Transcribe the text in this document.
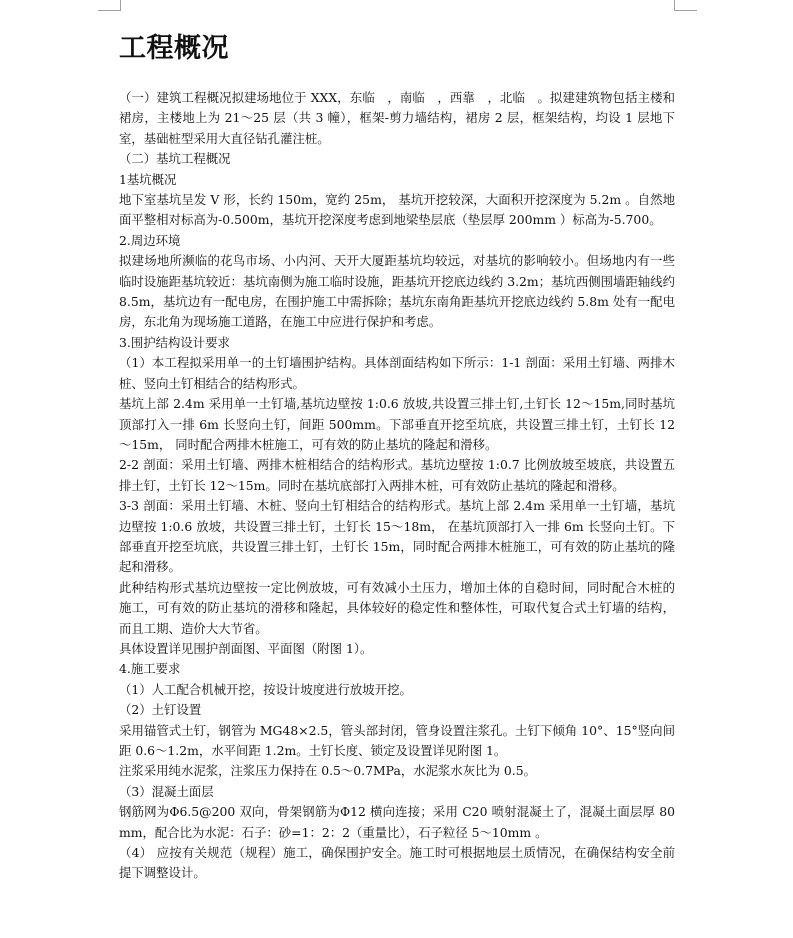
工程概况

（一）建筑工程概况拟建场地位于 XXX，东临　，南临　，西靠　，北临　。拟建建筑物包括主楼和裙房，主楼地上为 21～25 层（共 3 幢），框架-剪力墙结构，裙房 2 层，框架结构，均设 1 层地下室，基础桩型采用大直径钻孔灌注桩。

（二）基坑工程概况

1基坑概况

地下室基坑呈发 V 形，长约 150m，宽约 25m， 基坑开挖较深，大面积开挖深度为 5.2m 。自然地面平整相对标高为-0.500m，基坑开挖深度考虑到地梁垫层底（垫层厚 200mm ）标高为-5.700。

2.周边环境

拟建场地所濒临的花鸟市场、小内河、天开大厦距基坑均较远，对基坑的影响较小。但场地内有一些临时设施距基坑较近：基坑南侧为施工临时设施，距基坑开挖底边线约 3.2m；基坑西侧围墙距轴线约 8.5m，基坑边有一配电房，在围护施工中需拆除；基坑东南角距基坑开挖底边线约 5.8m 处有一配电房，东北角为现场施工道路，在施工中应进行保护和考虑。

3.围护结构设计要求

（1）本工程拟采用单一的土钉墙围护结构。具体剖面结构如下所示：1-1 剖面：采用土钉墙、两排木桩、竖向土钉相结合的结构形式。

基坑上部 2.4m 采用单一土钉墙,基坑边壁按 1:0.6 放坡,共设置三排土钉,土钉长 12～15m,同时基坑顶部打入一排 6m 长竖向土钉，间距 500mm。下部垂直开挖至坑底，共设置三排土钉，土钉长 12～15m， 同时配合两排木桩施工，可有效的防止基坑的隆起和滑移。

2-2 剖面：采用土钉墙、两排木桩相结合的结构形式。基坑边壁按 1:0.7 比例放坡至坡底，共设置五排土钉，土钉长 12～15m。同时在基坑底部打入两排木桩，可有效防止基坑的隆起和滑移。

3-3 剖面：采用土钉墙、木桩、竖向土钉相结合的结构形式。基坑上部 2.4m 采用单一土钉墙，基坑边壁按 1:0.6 放坡，共设置三排土钉，土钉长 15～18m， 在基坑顶部打入一排 6m 长竖向土钉。下部垂直开挖至坑底，共设置三排土钉，土钉长 15m，同时配合两排木桩施工，可有效的防止基坑的隆起和滑移。

此种结构形式基坑边壁按一定比例放坡，可有效减小土压力，增加土体的自稳时间，同时配合木桩的施工，可有效的防止基坑的滑移和隆起，具体较好的稳定性和整体性，可取代复合式土钉墙的结构，而且工期、造价大大节省。

具体设置详见围护剖面图、平面图（附图 1）。

4.施工要求

（1）人工配合机械开挖，按设计坡度进行放坡开挖。

（2）土钉设置

采用锚管式土钉，钢管为 MG48×2.5，管头部封闭，管身设置注浆孔。土钉下倾角 10°、15°竖向间距 0.6～1.2m，水平间距 1.2m。土钉长度、锁定及设置详见附图 1。

注浆采用纯水泥浆，注浆压力保持在 0.5～0.7MPa，水泥浆水灰比为 0.5。

（3）混凝土面层

钢筋网为Φ6.5@200 双向，骨架钢筋为Φ12 横向连接；采用 C20 喷射混凝土了，混凝土面层厚 80mm，配合比为水泥：石子：砂=1：2：2（重量比），石子粒径 5～10mm 。

（4） 应按有关规范（规程）施工，确保围护安全。施工时可根据地层土质情况，在确保结构安全前提下调整设计。
